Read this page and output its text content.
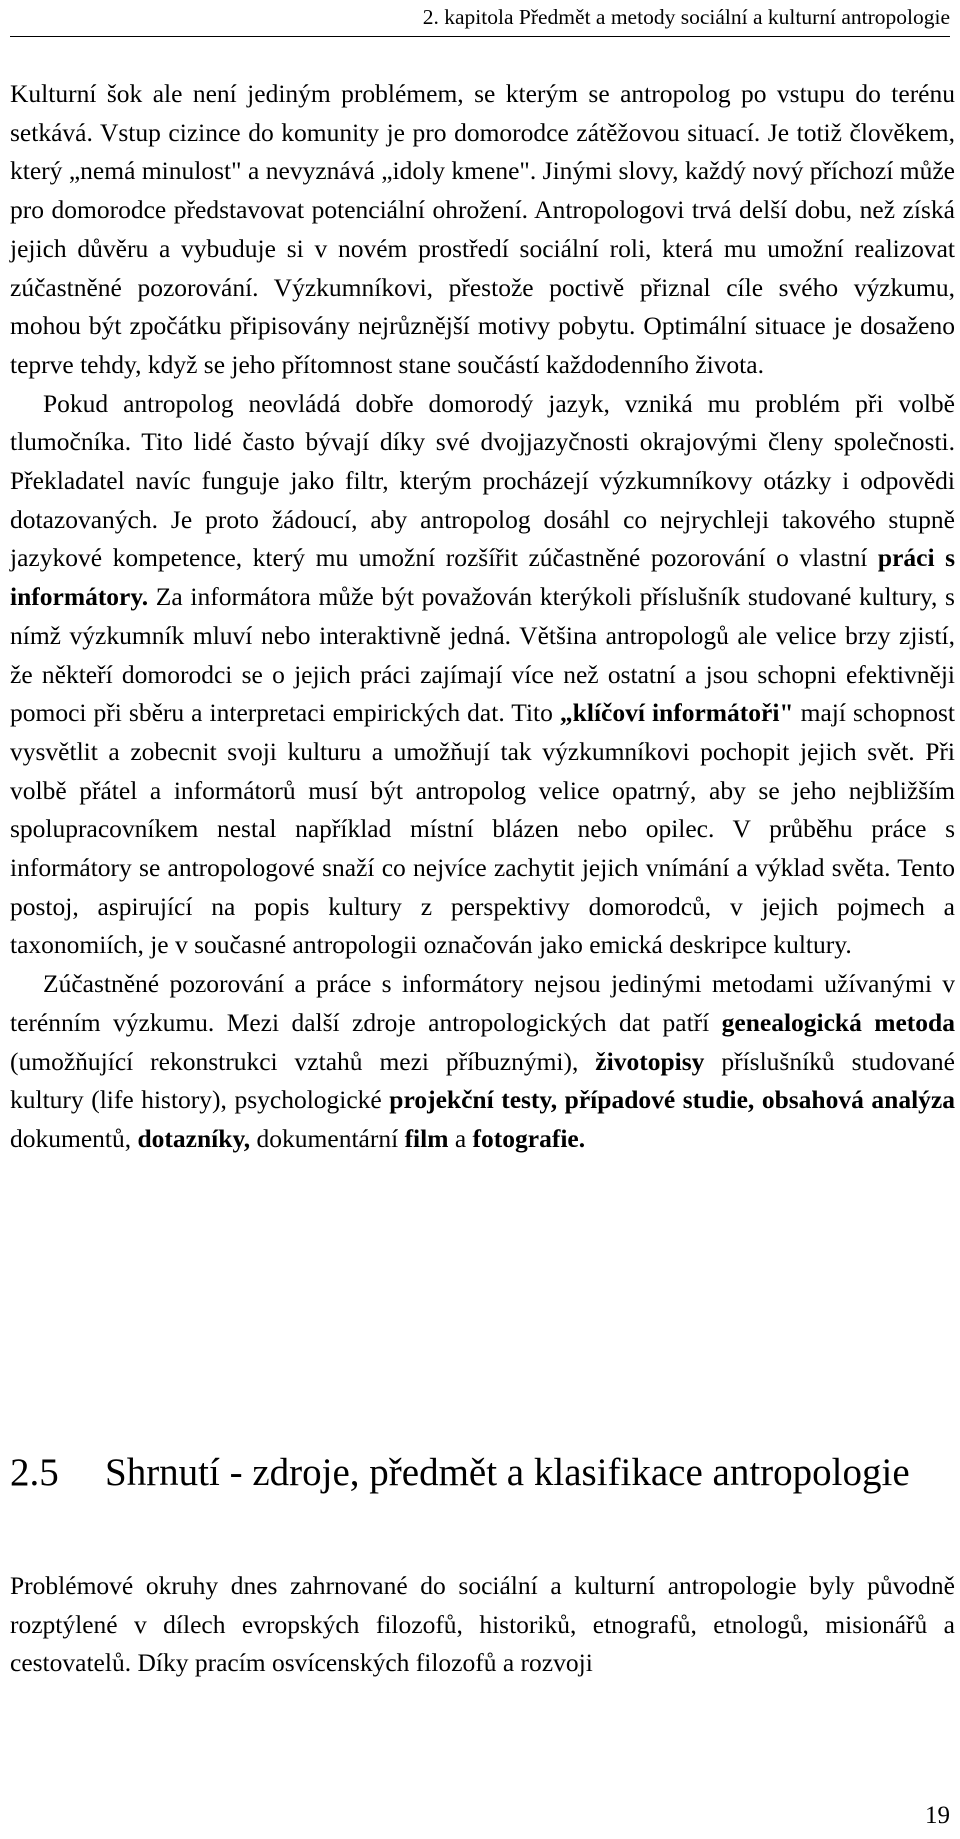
2. kapitola Předmět a metody sociální a kulturní antropologie

Kulturní šok ale není jediným problémem, se kterým se antropolog po vstupu do terénu setkává. Vstup cizince do komunity je pro domorodce zátěžovou situací. Je totiž člověkem, který „nemá minulost" a nevyznává „idoly kmene". Jinými slovy, každý nový příchozí může pro domorodce představovat potenciální ohrožení. Antropologovi trvá delší dobu, než získá jejich důvěru a vybuduje si v novém prostředí sociální roli, která mu umožní realizovat zúčastněné pozorování. Výzkumníkovi, přestože poctivě přiznal cíle svého výzkumu, mohou být zpočátku připisovány nejrůznější motivy pobytu. Optimální situace je dosaženo teprve tehdy, když se jeho přítomnost stane součástí každodenního života.

Pokud antropolog neovládá dobře domorodý jazyk, vzniká mu problém při volbě tlumočníka. Tito lidé často bývají díky své dvojjazyčnosti okrajovými členy společnosti. Překladatel navíc funguje jako filtr, kterým procházejí výzkumníkovy otázky i odpovědi dotazovaných. Je proto žádoucí, aby antropolog dosáhl co nejrychleji takového stupně jazykové kompetence, který mu umožní rozšířit zúčastněné pozorování o vlastní práci s informátory. Za informátora může být považován kterýkoli příslušník studované kultury, s nímž výzkumník mluví nebo interaktivně jedná. Většina antropologů ale velice brzy zjistí, že někteří domorodci se o jejich práci zajímají více než ostatní a jsou schopni efektivněji pomoci při sběru a interpretaci empirických dat. Tito „klíčoví informátoři" mají schopnost vysvětlit a zobecnit svoji kulturu a umožňují tak výzkumníkovi pochopit jejich svět. Při volbě přátel a informátorů musí být antropolog velice opatrný, aby se jeho nejbližším spolupracovníkem nestal například místní blázen nebo opilec. V průběhu práce s informátory se antropologové snaží co nejvíce zachytit jejich vnímání a výklad světa. Tento postoj, aspirující na popis kultury z perspektivy domorodců, v jejich pojmech a taxonomiích, je v současné antropologii označován jako emická deskripce kultury.

Zúčastněné pozorování a práce s informátory nejsou jedinými metodami užívanými v terénním výzkumu. Mezi další zdroje antropologických dat patří genealogická metoda (umožňující rekonstrukci vztahů mezi příbuznými), životopisy příslušníků studované kultury (life history), psychologické projekční testy, případové studie, obsahová analýza dokumentů, dotazníky, dokumentární film a fotografie.

2.5	Shrnutí - zdroje, předmět a klasifikace antropologie

Problémové okruhy dnes zahrnované do sociální a kulturní antropologie byly původně rozptýlené v dílech evropských filozofů, historiků, etnografů, etnologů, misionářů a cestovatelů. Díky pracím osvícenských filozofů a rozvoji

19
